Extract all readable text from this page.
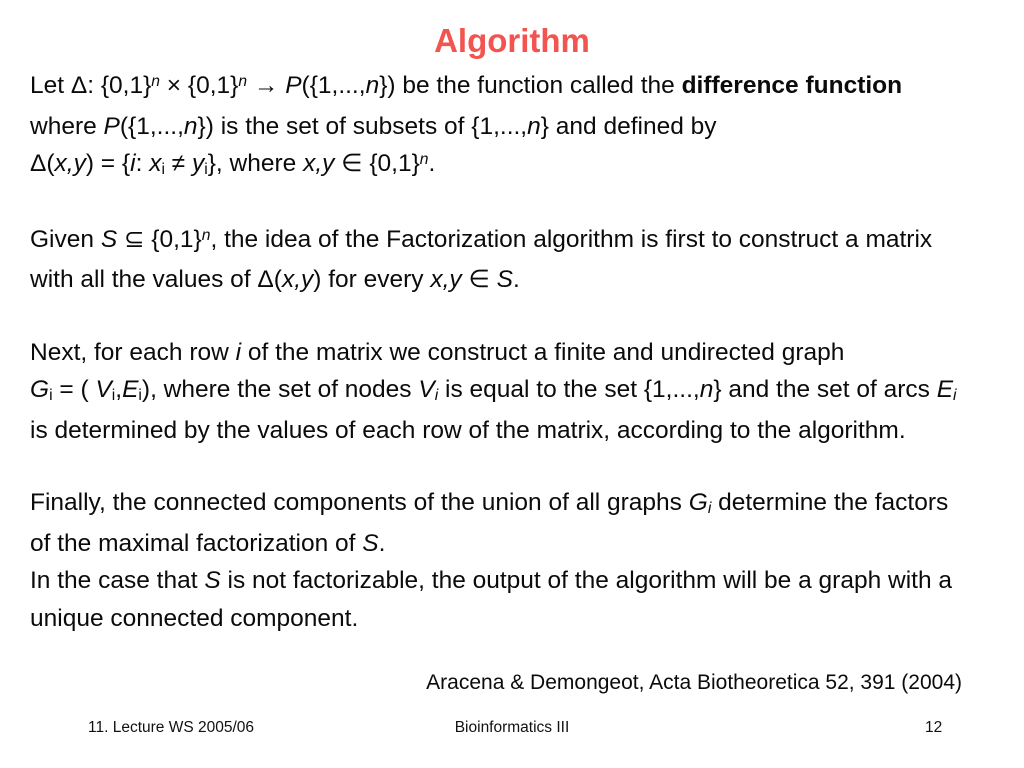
Algorithm
Let Δ: $\{0,1\}^n \times \{0,1\}^n \to P(\{1,...,n\})$ be the function called the difference function
where P({1,...,n}) is the set of subsets of {1,...,n} and defined by
Δ(x,y) = {i: xi ≠ yi}, where x,y ∈ $\{0,1\}^n$.
Given S ⊆ $\{0,1\}^n$, the idea of the Factorization algorithm is first to construct a matrix
with all the values of Δ(x,y) for every x,y ∈ S.
Next, for each row i of the matrix we construct a finite and undirected graph
Gi = ( Vi,Ei), where the set of nodes Vi is equal to the set {1,...,n} and the set of arcs Ei
is determined by the values of each row of the matrix, according to the algorithm.
Finally, the connected components of the union of all graphs Gi determine the factors
of the maximal factorization of S.
In the case that S is not factorizable, the output of the algorithm will be a graph with a
unique connected component.
Aracena & Demongeot, Acta Biotheoretica 52, 391 (2004)
11. Lecture WS 2005/06	Bioinformatics III	12
